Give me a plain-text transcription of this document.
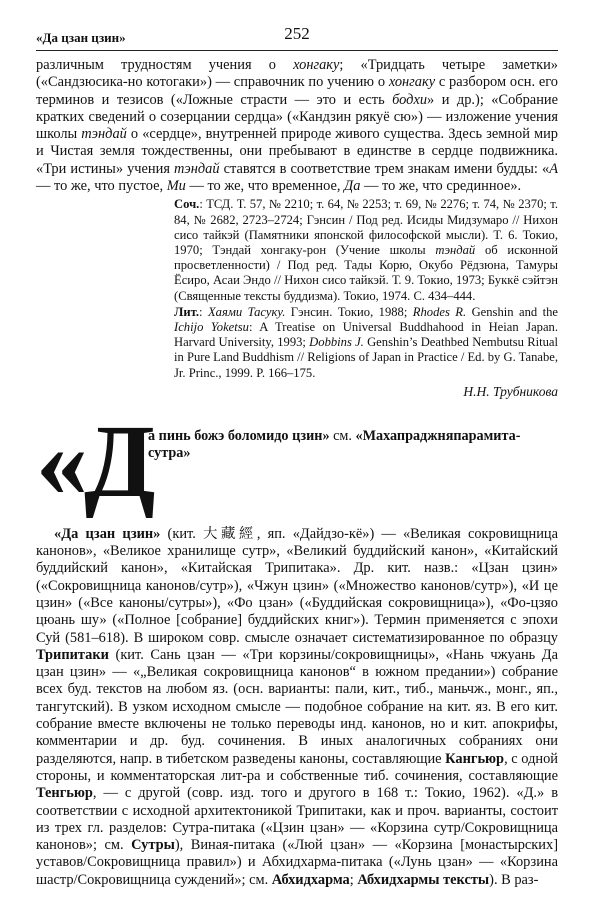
«Да цзан цзин»	252

различным трудностям учения о хонгаку; «Тридцать четыре заметки» («Сандзюсика-но котогаки») — справочник по учению о хонгаку с разбором осн. его терминов и тезисов («Ложные страсти — это и есть бодхи» и др.); «Собрание кратких сведений о созерцании сердца» («Кандзин рякуё сю») — изложение учения школы тэндай о «сердце», внутренней природе живого существа. Здесь земной мир и Чистая земля тождественны, они пребывают в единстве в сердце подвижника. «Три истины» учения тэндай ставятся в соответствие трем знакам имени будды: «А — то же, что пустое, Ми — то же, что временное, Да — то же, что срединное».

Соч.: ТСД. Т. 57, № 2210; т. 64, № 2253; т. 69, № 2276; т. 74, № 2370; т. 84, № 2682, 2723–2724; Гэнсин / Под ред. Исиды Мидзумаро // Нихон сисо тайкэй (Памятники японской философской мысли). Т. 6. Токио, 1970; Тэндай хонгаку-рон (Учение школы тэндай об исконной просветленности) / Под ред. Тады Корю, Окубо Рёдзюна, Тамуры Ёсиро, Асаи Эндо // Нихон сисо тайкэй. Т. 9. Токио, 1973; Буккё сэйтэн (Священные тексты буддизма). Токио, 1974. С. 434–444.

Лит.: Хаями Тасуку. Гэнсин. Токио, 1988; Rhodes R. Genshin and the Ichijo Yoketsu: A Treatise on Universal Buddhahood in Heian Japan. Harvard University, 1993; Dobbins J. Genshin’s Deathbed Nembutsu Ritual in Pure Land Buddhism // Religions of Japan in Practice / Ed. by G. Tanabe, Jr. Princ., 1999. P. 166–175.

Н.Н. Трубникова
«Д
а пинь божэ боломидо цзин» см. «Махапраджняпарамита-сутра»

«Да цзан цзин» (кит. 大藏經, яп. «Дайдзо-кё») — «Великая сокровищница канонов», «Великое хранилище сутр», «Великий буддийский канон», «Китайский буддийский канон», «Китайская Трипитака». Др. кит. назв.: «Цзан цзин» («Сокровищница канонов/сутр»), «Чжун цзин» («Множество канонов/сутр»), «И це цзин» («Все каноны/сутры»), «Фо цзан» («Буддийская сокровищница»), «Фо-цзяо цюань шу» («Полное [собрание] буддийских книг»). Термин применяется с эпохи Суй (581–618). В широком совр. смысле означает систематизированное по образцу Трипитаки (кит. Сань цзан — «Три корзины/сокровищницы», «Нань чжуань Да цзан цзин» — «„Великая сокровищница канонов“ в южном предании») собрание всех буд. текстов на любом яз. (осн. варианты: пали, кит., тиб., маньчж., монг., яп., тангутский). В узком исходном смысле — подобное собрание на кит. яз. В его кит. собрание вместе включены не только переводы инд. канонов, но и кит. апокрифы, комментарии и др. буд. сочинения. В иных аналогичных собраниях они разделяются, напр. в тибетском разведены каноны, составляющие Кангьюр, с одной стороны, и комментаторская лит-ра и собственные тиб. сочинения, составляющие Тенгьюр, — с другой (совр. изд. того и другого в 168 т.: Токио, 1962). «Д.» в соответствии с исходной архитектоникой Трипитаки, как и проч. варианты, состоит из трех гл. разделов: Сутра-питака («Цзин цзан» — «Корзина сутр/Сокровищница канонов»; см. Сутры), Виная-питака («Люй цзан» — «Корзина [монастырских] уставов/Сокровищница правил») и Абхидхарма-питака («Лунь цзан» — «Корзина шастр/Сокровищница суждений»; см. Абхидхарма; Абхидхармы тексты). В раз-
